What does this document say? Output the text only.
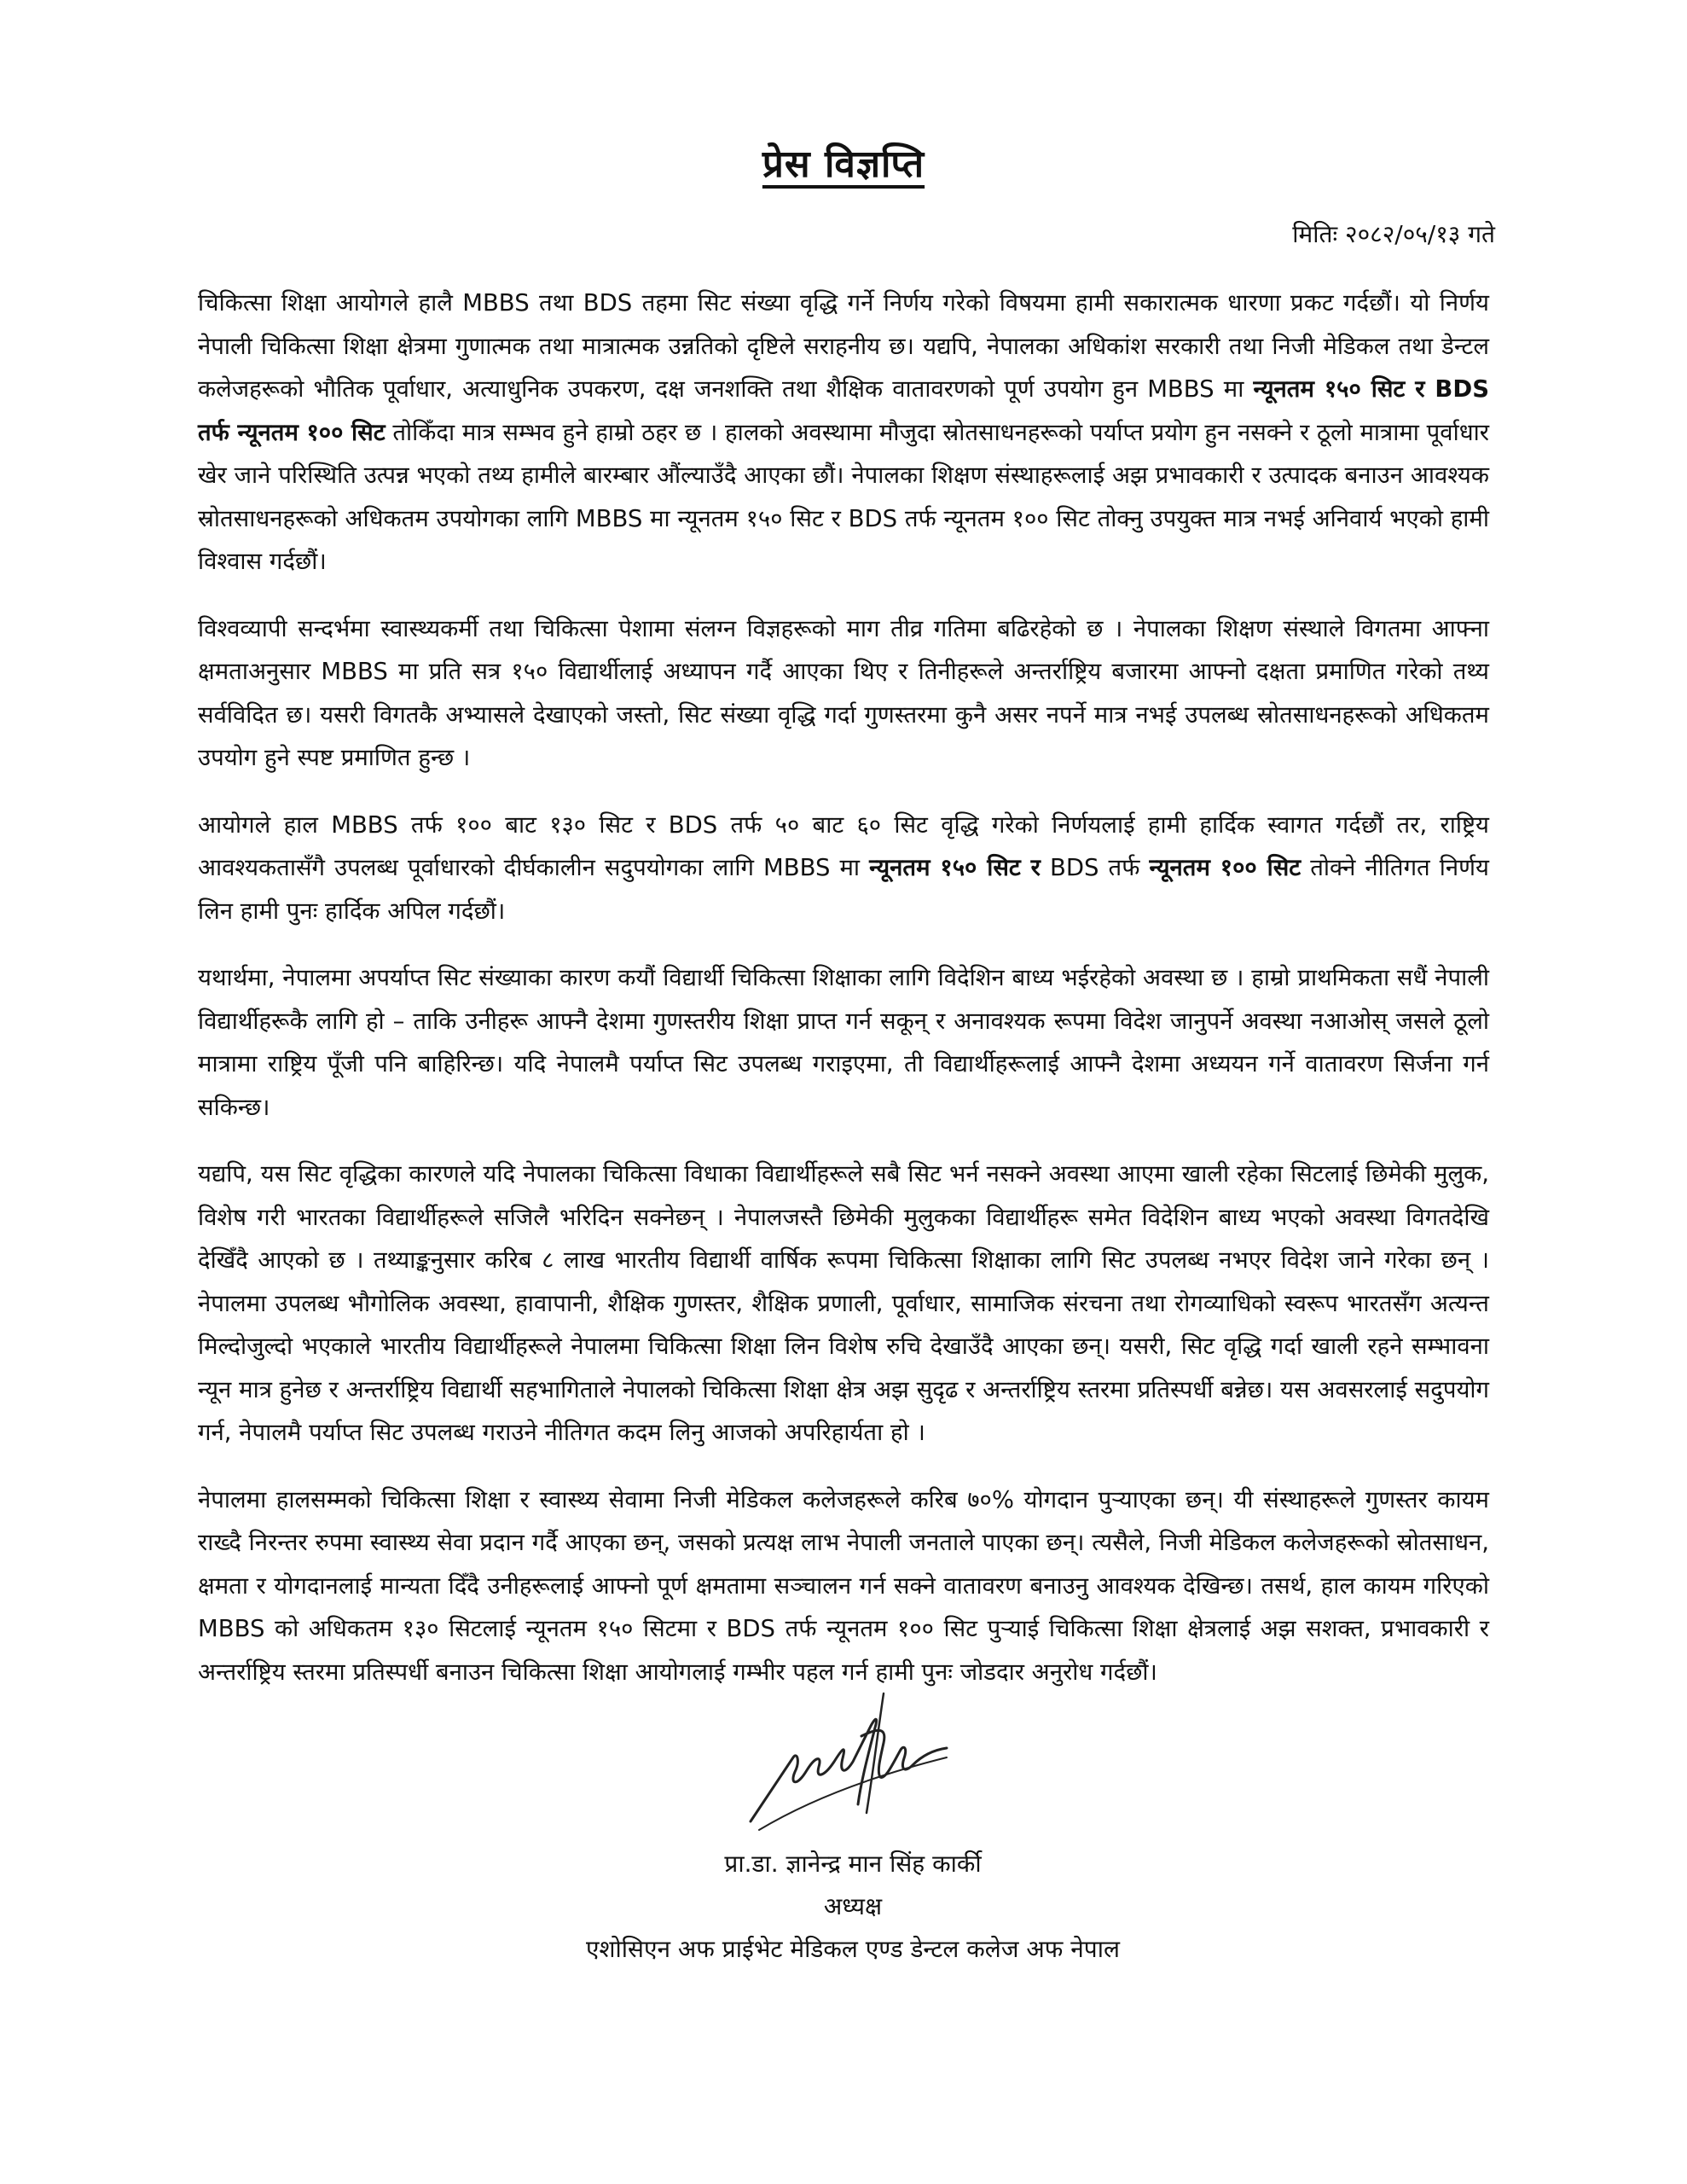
प्रेस विज्ञप्ति
मितिः २०८२/०५/१३ गते

चिकित्सा शिक्षा आयोगले हालै MBBS तथा BDS तहमा सिट संख्या वृद्धि गर्ने निर्णय गरेको विषयमा हामी सकारात्मक धारणा प्रकट गर्दछौं। यो निर्णय नेपाली चिकित्सा शिक्षा क्षेत्रमा गुणात्मक तथा मात्रात्मक उन्नतिको दृष्टिले सराहनीय छ। यद्यपि, नेपालका अधिकांश सरकारी तथा निजी मेडिकल तथा डेन्टल कलेजहरूको भौतिक पूर्वाधार, अत्याधुनिक उपकरण, दक्ष जनशक्ति तथा शैक्षिक वातावरणको पूर्ण उपयोग हुन MBBS मा न्यूनतम १५० सिट र BDS तर्फ न्यूनतम १०० सिट तोकिँदा मात्र सम्भव हुने हाम्रो ठहर छ । हालको अवस्थामा मौजुदा स्रोतसाधनहरूको पर्याप्त प्रयोग हुन नसक्ने र ठूलो मात्रामा पूर्वाधार खेर जाने परिस्थिति उत्पन्न भएको तथ्य हामीले बारम्बार औंल्याउँदै आएका छौं। नेपालका शिक्षण संस्थाहरूलाई अझ प्रभावकारी र उत्पादक बनाउन आवश्यक स्रोतसाधनहरूको अधिकतम उपयोगका लागि MBBS मा न्यूनतम १५० सिट र BDS तर्फ न्यूनतम १०० सिट तोक्नु उपयुक्त मात्र नभई अनिवार्य भएको हामी विश्वास गर्दछौं।

विश्वव्यापी सन्दर्भमा स्वास्थ्यकर्मी तथा चिकित्सा पेशामा संलग्न विज्ञहरूको माग तीव्र गतिमा बढिरहेको छ । नेपालका शिक्षण संस्थाले विगतमा आफ्ना क्षमताअनुसार MBBS मा प्रति सत्र १५० विद्यार्थीलाई अध्यापन गर्दै आएका थिए र तिनीहरूले अन्तर्राष्ट्रिय बजारमा आफ्नो दक्षता प्रमाणित गरेको तथ्य सर्वविदित छ। यसरी विगतकै अभ्यासले देखाएको जस्तो, सिट संख्या वृद्धि गर्दा गुणस्तरमा कुनै असर नपर्ने मात्र नभई उपलब्ध स्रोतसाधनहरूको अधिकतम उपयोग हुने स्पष्ट प्रमाणित हुन्छ ।

आयोगले हाल MBBS तर्फ १०० बाट १३० सिट र BDS तर्फ ५० बाट ६० सिट वृद्धि गरेको निर्णयलाई हामी हार्दिक स्वागत गर्दछौं तर, राष्ट्रिय आवश्यकतासँगै उपलब्ध पूर्वाधारको दीर्घकालीन सदुपयोगका लागि MBBS मा न्यूनतम १५० सिट र BDS तर्फ न्यूनतम १०० सिट तोक्ने नीतिगत निर्णय लिन हामी पुनः हार्दिक अपिल गर्दछौं।

यथार्थमा, नेपालमा अपर्याप्त सिट संख्याका कारण कयौं विद्यार्थी चिकित्सा शिक्षाका लागि विदेशिन बाध्य भईरहेको अवस्था छ । हाम्रो प्राथमिकता सधैं नेपाली विद्यार्थीहरूकै लागि हो – ताकि उनीहरू आफ्नै देशमा गुणस्तरीय शिक्षा प्राप्त गर्न सकून् र अनावश्यक रूपमा विदेश जानुपर्ने अवस्था नआओस् जसले ठूलो मात्रामा राष्ट्रिय पूँजी पनि बाहिरिन्छ। यदि नेपालमै पर्याप्त सिट उपलब्ध गराइएमा, ती विद्यार्थीहरूलाई आफ्नै देशमा अध्ययन गर्ने वातावरण सिर्जना गर्न सकिन्छ।

यद्यपि, यस सिट वृद्धिका कारणले यदि नेपालका चिकित्सा विधाका विद्यार्थीहरूले सबै सिट भर्न नसक्ने अवस्था आएमा खाली रहेका सिटलाई छिमेकी मुलुक, विशेष गरी भारतका विद्यार्थीहरूले सजिलै भरिदिन सक्नेछन् । नेपालजस्तै छिमेकी मुलुकका विद्यार्थीहरू समेत विदेशिन बाध्य भएको अवस्था विगतदेखि देखिँदै आएको छ । तथ्याङ्कनुसार करिब ८ लाख भारतीय विद्यार्थी वार्षिक रूपमा चिकित्सा शिक्षाका लागि सिट उपलब्ध नभएर विदेश जाने गरेका छन् । नेपालमा उपलब्ध भौगोलिक अवस्था, हावापानी, शैक्षिक गुणस्तर, शैक्षिक प्रणाली, पूर्वाधार, सामाजिक संरचना तथा रोगव्याधिको स्वरूप भारतसँग अत्यन्त मिल्दोजुल्दो भएकाले भारतीय विद्यार्थीहरूले नेपालमा चिकित्सा शिक्षा लिन विशेष रुचि देखाउँदै आएका छन्। यसरी, सिट वृद्धि गर्दा खाली रहने सम्भावना न्यून मात्र हुनेछ र अन्तर्राष्ट्रिय विद्यार्थी सहभागिताले नेपालको चिकित्सा शिक्षा क्षेत्र अझ सुदृढ र अन्तर्राष्ट्रिय स्तरमा प्रतिस्पर्धी बन्नेछ। यस अवसरलाई सदुपयोग गर्न, नेपालमै पर्याप्त सिट उपलब्ध गराउने नीतिगत कदम लिनु आजको अपरिहार्यता हो ।

नेपालमा हालसम्मको चिकित्सा शिक्षा र स्वास्थ्य सेवामा निजी मेडिकल कलेजहरूले करिब ७०% योगदान पुऱ्याएका छन्। यी संस्थाहरूले गुणस्तर कायम राख्दै निरन्तर रुपमा स्वास्थ्य सेवा प्रदान गर्दै आएका छन्, जसको प्रत्यक्ष लाभ नेपाली जनताले पाएका छन्। त्यसैले, निजी मेडिकल कलेजहरूको स्रोतसाधन, क्षमता र योगदानलाई मान्यता दिँदै उनीहरूलाई आफ्नो पूर्ण क्षमतामा सञ्चालन गर्न सक्ने वातावरण बनाउनु आवश्यक देखिन्छ। तसर्थ, हाल कायम गरिएको MBBS को अधिकतम १३० सिटलाई न्यूनतम १५० सिटमा र BDS तर्फ न्यूनतम १०० सिट पुऱ्याई चिकित्सा शिक्षा क्षेत्रलाई अझ सशक्त, प्रभावकारी र अन्तर्राष्ट्रिय स्तरमा प्रतिस्पर्धी बनाउन चिकित्सा शिक्षा आयोगलाई गम्भीर पहल गर्न हामी पुनः जोडदार अनुरोध गर्दछौं।

प्रा.डा. ज्ञानेन्द्र मान सिंह कार्की
अध्यक्ष
एशोसिएन अफ प्राईभेट मेडिकल एण्ड डेन्टल कलेज अफ नेपाल
